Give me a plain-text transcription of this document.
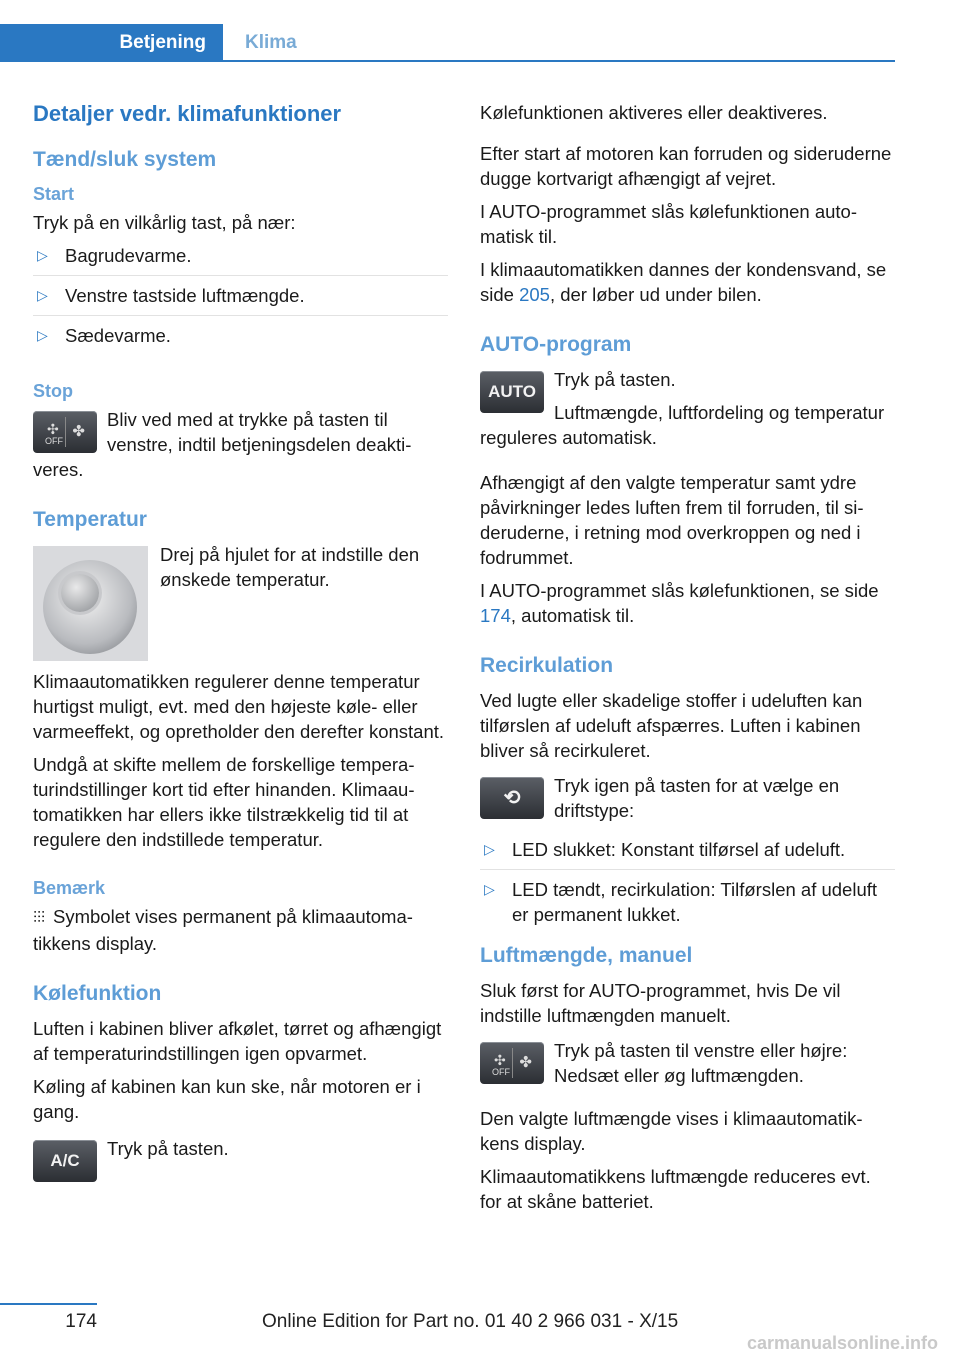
Betjening	Klima
Detaljer vedr. klimafunktioner
Tænd/sluk system
Start
Tryk på en vilkårlig tast, på nær:
▷ Bagrudevarme.
▷ Venstre tastside luftmængde.
▷ Sædevarme.
Stop
✣
OFF
✤
Bliv ved med at trykke på tasten til venstre, indtil betjeningsdelen deaktiveres.
Temperatur
Drej på hjulet for at indstille den ønskede temperatur.
Klimaautomatikken regulerer denne temperatur hurtigst muligt, evt. med den højeste køle- eller varmeeffekt, og opretholder den derefter konstant.
Undgå at skifte mellem de forskellige temperaturindstillinger kort tid efter hinanden. Klimaautomatikken har ellers ikke tilstrækkelig tid til at regulere den indstillede temperatur.
Bemærk
⫶⫶⫶ Symbolet vises permanent på klimaautomatikkens display.
Kølefunktion
Luften i kabinen bliver afkølet, tørret og afhængigt af temperaturindstillingen igen opvarmet.
Køling af kabinen kan kun ske, når motoren er i gang.
A/C
Tryk på tasten.
Kølefunktionen aktiveres eller deaktiveres.
Efter start af motoren kan forruden og sideruderne dugge kortvarigt afhængigt af vejret.
I AUTO-programmet slås kølefunktionen automatisk til.
I klimaautomatikken dannes der kondensvand, se side 205, der løber ud under bilen.
AUTO-program
AUTO
Tryk på tasten.
Luftmængde, luftfordeling og temperatur reguleres automatisk.
Afhængigt af den valgte temperatur samt ydre påvirkninger ledes luften frem til forruden, til sideruderne, i retning mod overkroppen og ned i fodrummet.
I AUTO-programmet slås kølefunktionen, se side 174, automatisk til.
Recirkulation
Ved lugte eller skadelige stoffer i udeluften kan tilførslen af udeluft afspærres. Luften i kabinen bliver så recirkuleret.
⟲
Tryk igen på tasten for at vælge en driftstype:
▷ LED slukket: Konstant tilførsel af udeluft.
▷ LED tændt, recirkulation: Tilførslen af udeluft er permanent lukket.
Luftmængde, manuel
Sluk først for AUTO-programmet, hvis De vil indstille luftmængden manuelt.
✣
OFF
✤
Tryk på tasten til venstre eller højre: Nedsæt eller øg luftmængden.
Den valgte luftmængde vises i klimaautomatikkens display.
Klimaautomatikkens luftmængde reduceres evt. for at skåne batteriet.
174	Online Edition for Part no. 01 40 2 966 031 - X/15
carmanualsonline.info
